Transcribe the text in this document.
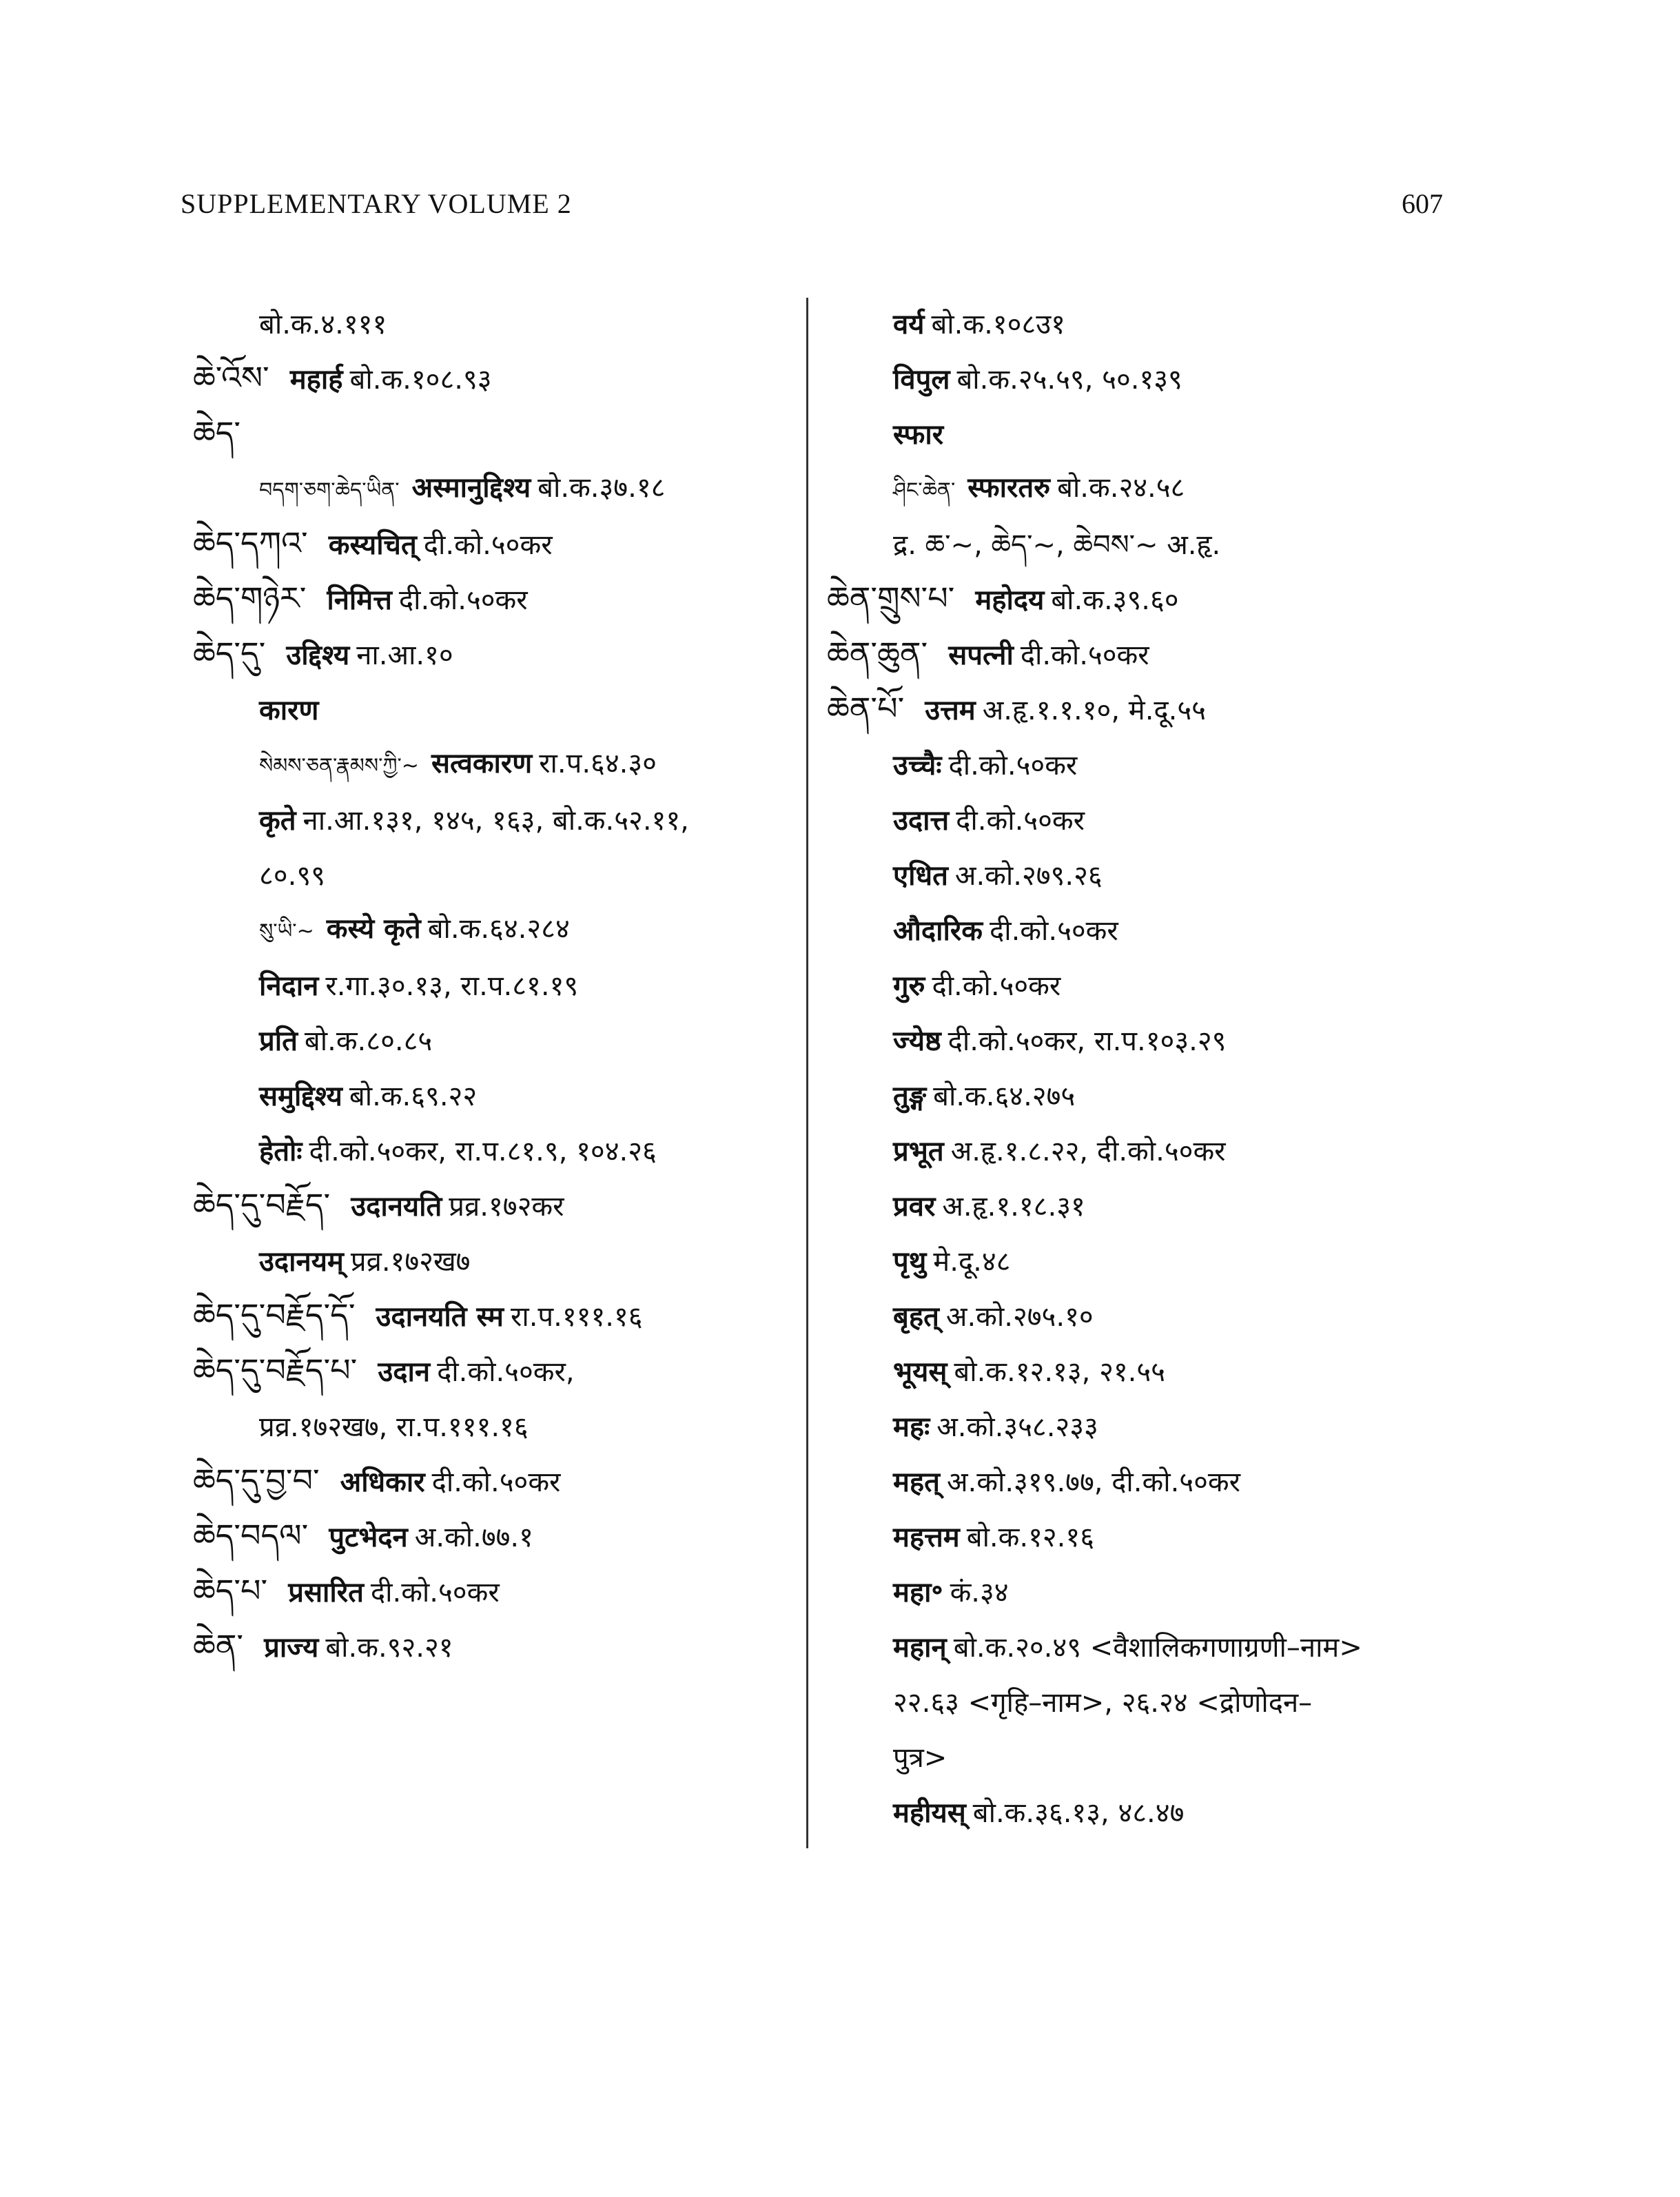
SUPPLEMENTARY VOLUME 2	607
बो.क.४.१११
ཆེ་འོས་ महार्ह बो.क.१०८.९३
ཆེད་
བདག་ཅག་ཆེད་ཡིན་ अस्मानुद्दिश्य बो.क.३७.१८
ཆེད་དཀའ་ कस्यचित् दी.को.५०कर
ཆེད་གཉེར་ निमित्त दी.को.५०कर
ཆེད་དུ་ उद्दिश्य ना.आ.१०
कारण
སེམས་ཅན་རྣམས་ཀྱི་~ सत्वकारण रा.प.६४.३०
कृते ना.आ.१३१, १४५, १६३, बो.क.५२.११,
८०.९९
སུ་ཡི་~ कस्ये कृते बो.क.६४.२८४
निदान र.गा.३०.१३, रा.प.८१.१९
प्रति बो.क.८०.८५
समुद्दिश्य बो.क.६९.२२
हेतोः दी.को.५०कर, रा.प.८१.९, १०४.२६
ཆེད་དུ་བརྗོད་ उदानयति प्रव्र.१७२कर
उदानयम् प्रव्र.१७२ख७
ཆེད་དུ་བརྗོད་དོ་ उदानयति स्म रा.प.१११.१६
ཆེད་དུ་བརྗོད་པ་ उदान दी.को.५०कर,
प्रव्र.१७२ख७, रा.प.१११.१६
ཆེད་དུ་བྱ་བ་ अधिकार दी.को.५०कर
ཆེད་བདལ་ पुटभेदन अ.को.७७.१
ཆེད་པ་ प्रसारित दी.को.५०कर
ཆེན་ प्राज्य बो.क.९२.२१
वर्य बो.क.१०८उ१
विपुल बो.क.२५.५९, ५०.१३९
स्फार
ཤིང་ཆེན་ स्फारतरु बो.क.२४.५८
द्र. ཆ་~, ཆེད་~, ཆེབས་~ अ.हृ.
ཆེན་གྲུས་པ་ महोदय बो.क.३९.६०
ཆེན་ཆུན་ सपत्नी दी.को.५०कर
ཆེན་པོ་ उत्तम अ.हृ.१.१.१०, मे.दू.५५
उच्चैः दी.को.५०कर
उदात्त दी.को.५०कर
एधित अ.को.२७९.२६
औदारिक दी.को.५०कर
गुरु दी.को.५०कर
ज्येष्ठ दी.को.५०कर, रा.प.१०३.२९
तुङ्ग बो.क.६४.२७५
प्रभूत अ.हृ.१.८.२२, दी.को.५०कर
प्रवर अ.हृ.१.१८.३१
पृथु मे.दू.४८
बृहत् अ.को.२७५.१०
भूयस् बो.क.१२.१३, २१.५५
महः अ.को.३५८.२३३
महत् अ.को.३१९.७७, दी.को.५०कर
महत्तम बो.क.१२.१६
महा॰ कं.३४
महान् बो.क.२०.४९ <वैशालिकगणाग्रणी–नाम>
२२.६३ <गृहि–नाम>, २६.२४ <द्रोणोदन–
पुत्र>
महीयस् बो.क.३६.१३, ४८.४७
